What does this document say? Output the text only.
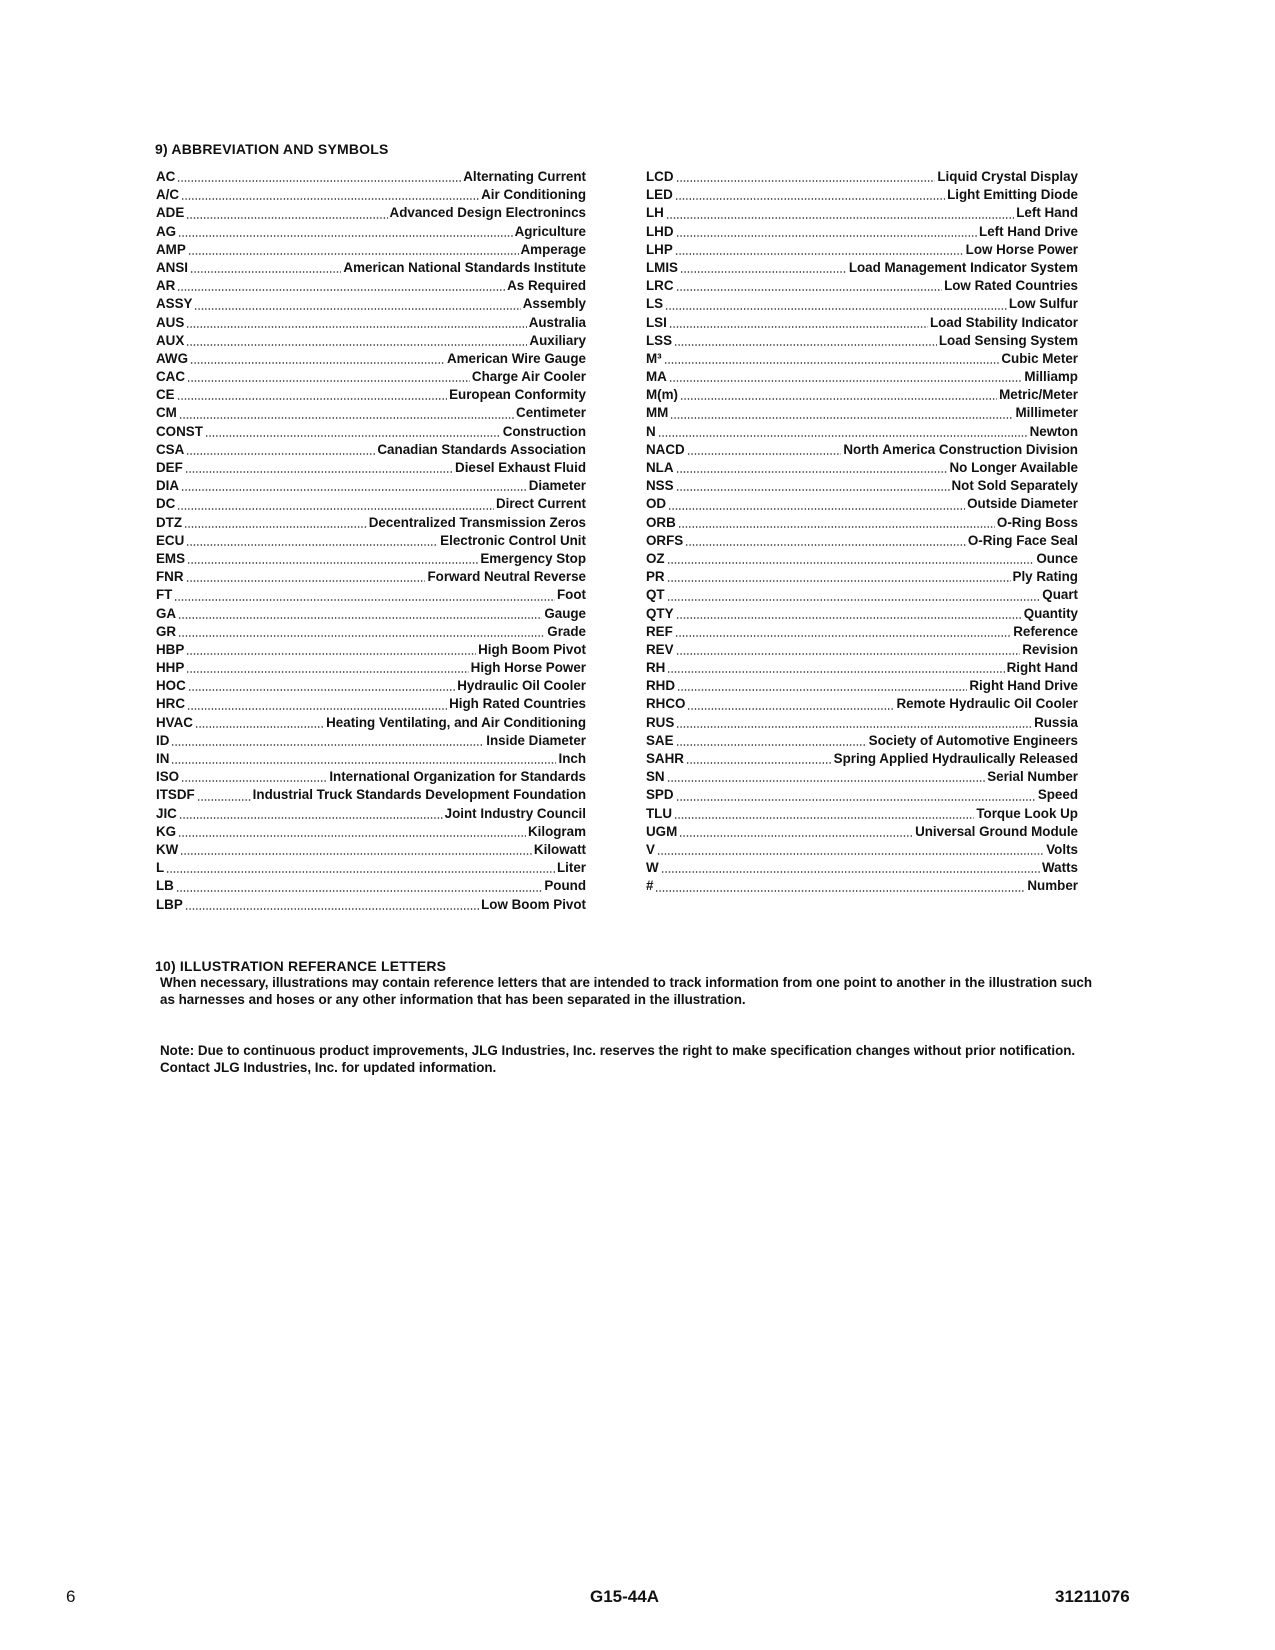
9) ABBREVIATION AND SYMBOLS
AC	Alternating Current
A/C	Air Conditioning
ADE	Advanced Design Electronincs
AG	Agriculture
AMP	Amperage
ANSI	American National Standards Institute
AR	As Required
ASSY	Assembly
AUS	Australia
AUX	Auxiliary
AWG	American Wire Gauge
CAC	Charge Air Cooler
CE	European Conformity
CM	Centimeter
CONST	Construction
CSA	Canadian Standards Association
DEF	Diesel Exhaust Fluid
DIA	Diameter
DC	Direct Current
DTZ	Decentralized Transmission Zeros
ECU	Electronic Control Unit
EMS	Emergency Stop
FNR	Forward Neutral Reverse
FT	Foot
GA	Gauge
GR	Grade
HBP	High Boom Pivot
HHP	High Horse Power
HOC	Hydraulic Oil Cooler
HRC	High Rated Countries
HVAC	Heating Ventilating, and Air Conditioning
ID	Inside Diameter
IN	Inch
ISO	International Organization for Standards
ITSDF	Industrial Truck Standards Development Foundation
JIC	Joint Industry Council
KG	Kilogram
KW	Kilowatt
L	Liter
LB	Pound
LBP	Low Boom Pivot
LCD	Liquid Crystal Display
LED	Light Emitting Diode
LH	Left Hand
LHD	Left Hand Drive
LHP	Low Horse Power
LMIS	Load Management Indicator System
LRC	Low Rated Countries
LS	Low Sulfur
LSI	Load Stability Indicator
LSS	Load Sensing System
M³	Cubic Meter
MA	Milliamp
M(m)	Metric/Meter
MM	Millimeter
N	Newton
NACD	North America Construction Division
NLA	No Longer Available
NSS	Not Sold Separately
OD	Outside Diameter
ORB	O-Ring Boss
ORFS	O-Ring Face Seal
OZ	Ounce
PR	Ply Rating
QT	Quart
QTY	Quantity
REF	Reference
REV	Revision
RH	Right Hand
RHD	Right Hand Drive
RHCO	Remote Hydraulic Oil Cooler
RUS	Russia
SAE	Society of Automotive Engineers
SAHR	Spring Applied Hydraulically Released
SN	Serial Number
SPD	Speed
TLU	Torque Look Up
UGM	Universal Ground Module
V	Volts
W	Watts
#	Number
10) ILLUSTRATION REFERANCE LETTERS

When necessary, illustrations may contain reference letters that are intended to track information from one point to another in the illustration such as harnesses and hoses or any other information that has been separated in the illustration.

Note: Due to continuous product improvements, JLG Industries, Inc. reserves the right to make specification changes without prior notification. Contact JLG Industries, Inc. for updated information.

6	G15-44A	31211076
